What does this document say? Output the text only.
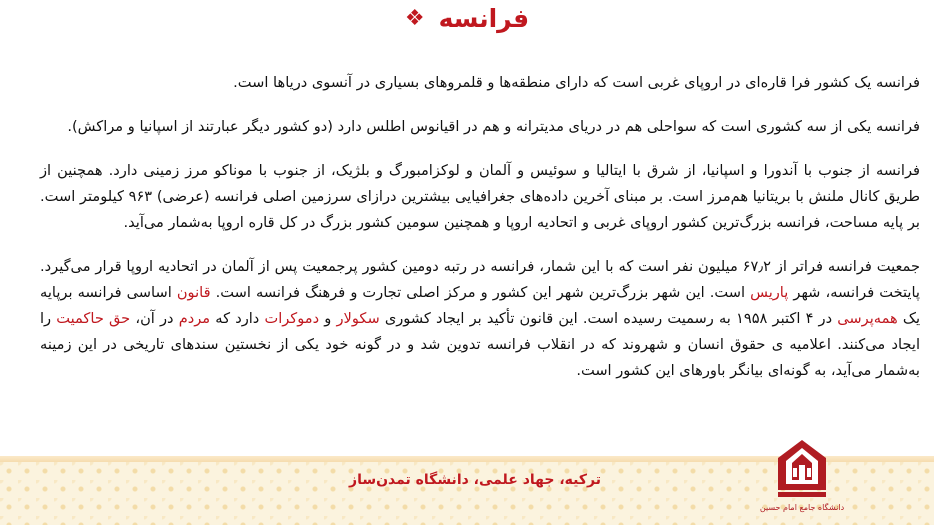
فرانسه
❖

فرانسه یک کشور فرا قاره‌ای در اروپای غربی است که دارای منطقه‌ها و قلمروهای بسیاری در آنسوی دریاها است.

فرانسه یکی از سه کشوری است که سواحلی هم در دریای مدیترانه و هم در اقیانوس اطلس دارد (دو کشور دیگر عبارتند از اسپانیا و مراکش).

فرانسه از جنوب با آندورا و اسپانیا، از شرق با ایتالیا و سوئیس و آلمان و لوکزامبورگ و بلژیک، از جنوب با موناکو مرز زمینی دارد. همچنین از طریق کانال ملنش با بریتانیا هم‌مرز است. بر مبنای آخرین داده‌های جغرافیایی بیشترین درازای سرزمین اصلی فرانسه (عرضی) ۹۶۳ کیلومتر است. بر پایه مساحت، فرانسه بزرگ‌ترین کشور اروپای غربی و اتحادیه اروپا و همچنین سومین کشور بزرگ در کل قاره اروپا به‌شمار می‌آید.

جمعیت فرانسه فراتر از ۶۷٫۲ میلیون نفر است که با این شمار، فرانسه در رتبه دومین کشور پرجمعیت پس از آلمان در اتحادیه اروپا قرار می‌گیرد. پایتخت فرانسه، شهر پاریس است. این شهر بزرگ‌ترین شهر این کشور و مرکز اصلی تجارت و فرهنگ فرانسه است. قانون اساسی فرانسه برپایه یک همه‌پرسی در ۴ اکتبر ۱۹۵۸ به رسمیت رسیده است. این قانون تأکید بر ایجاد کشوری سکولار و دموکرات دارد که مردم در آن، حق حاکمیت را ایجاد می‌کنند. اعلامیه ی حقوق انسان و شهروند که در انقلاب فرانسه تدوین شد و در گونه خود یکی از نخستین سندهای تاریخی در این زمینه به‌شمار می‌آید، به گونه‌ای بیانگر باورهای این کشور است.

ترکیه، جهاد علمی، دانشگاه تمدن‌ساز
دانشگاه جامع امام حسین
